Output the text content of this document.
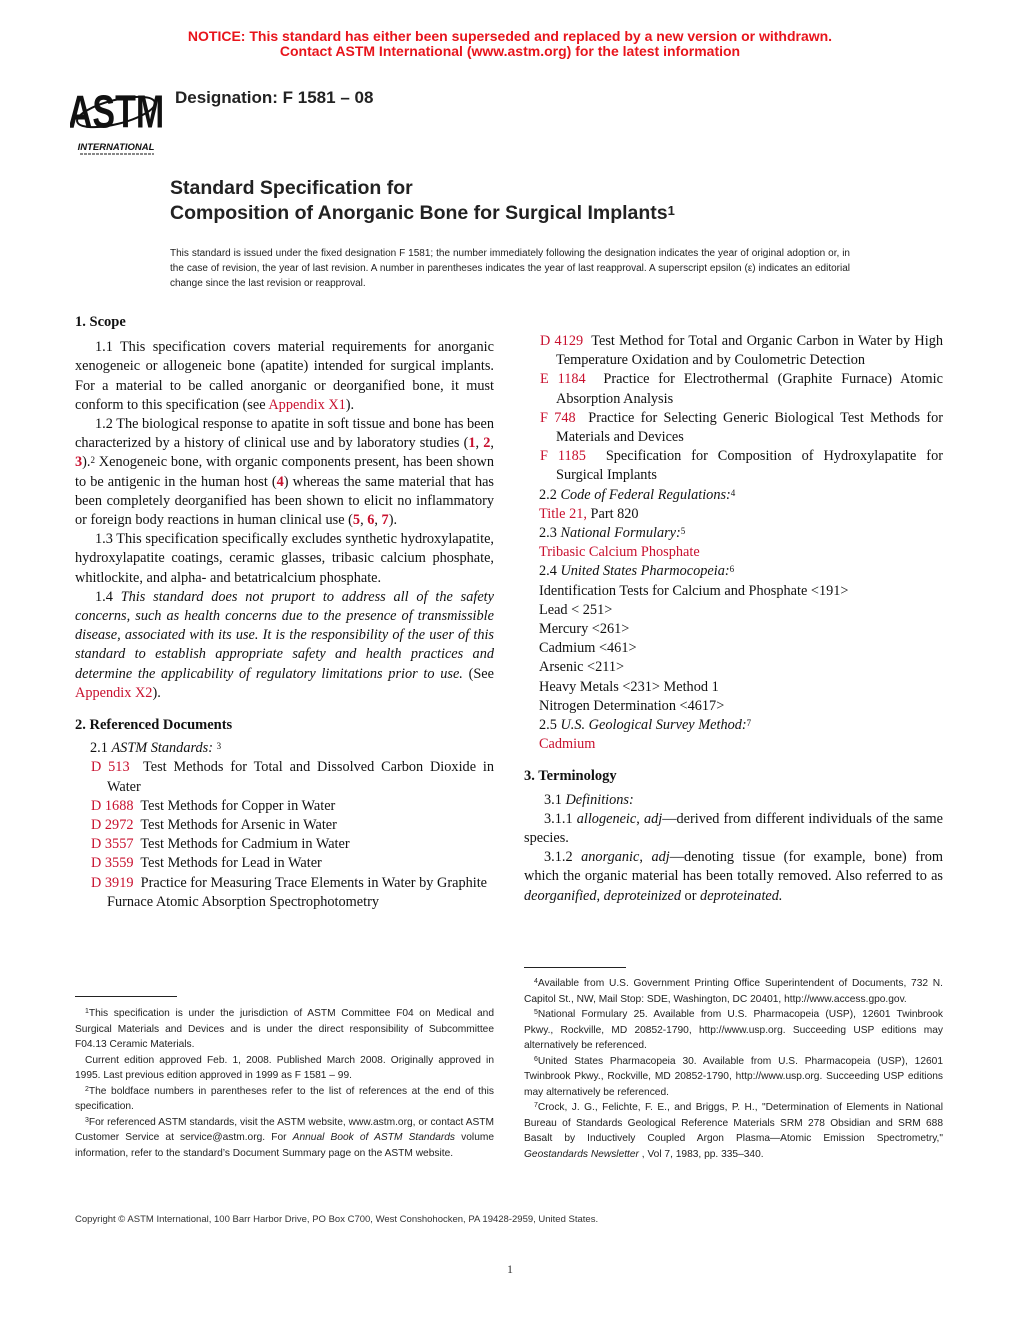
NOTICE: This standard has either been superseded and replaced by a new version or withdrawn.
Contact ASTM International (www.astm.org) for the latest information
ASTM
INTERNATIONAL
Designation: F 1581 – 08
Standard Specification for
Composition of Anorganic Bone for Surgical Implants$^1$
This standard is issued under the fixed designation F 1581; the number immediately following the designation indicates the year of original adoption or, in the case of revision, the year of last revision. A number in parentheses indicates the year of last reapproval. A superscript epsilon (ε) indicates an editorial change since the last revision or reapproval.

1. Scope

1.1 This specification covers material requirements for anorganic xenogeneic or allogeneic bone (apatite) intended for surgical implants. For a material to be called anorganic or deorganified bone, it must conform to this specification (see Appendix X1).

1.2 The biological response to apatite in soft tissue and bone has been characterized by a history of clinical use and by laboratory studies (1, 2, 3).$^2$ Xenogeneic bone, with organic components present, has been shown to be antigenic in the human host (4) whereas the same material that has been completely deorganified has been shown to elicit no inflammatory or foreign body reactions in human clinical use (5, 6, 7).

1.3 This specification specifically excludes synthetic hydroxylapatite, hydroxylapatite coatings, ceramic glasses, tribasic calcium phosphate, whitlockite, and alpha- and betatricalcium phosphate.

1.4 This standard does not pruport to address all of the safety concerns, such as health concerns due to the presence of transmissible disease, associated with its use. It is the responsibility of the user of this standard to establish appropriate safety and health practices and determine the applicability of regulatory limitations prior to use. (See Appendix X2).

2. Referenced Documents

2.1 ASTM Standards: $^3$

D 513 Test Methods for Total and Dissolved Carbon Dioxide in Water

D 1688 Test Methods for Copper in Water

D 2972 Test Methods for Arsenic in Water

D 3557 Test Methods for Cadmium in Water

D 3559 Test Methods for Lead in Water

D 3919 Practice for Measuring Trace Elements in Water by Graphite Furnace Atomic Absorption Spectrophotometry

D 4129 Test Method for Total and Organic Carbon in Water by High Temperature Oxidation and by Coulometric Detection

E 1184 Practice for Electrothermal (Graphite Furnace) Atomic Absorption Analysis

F 748 Practice for Selecting Generic Biological Test Methods for Materials and Devices

F 1185 Specification for Composition of Hydroxylapatite for Surgical Implants

2.2 Code of Federal Regulations:$^4$

Title 21, Part 820

2.3 National Formulary:$^5$

Tribasic Calcium Phosphate

2.4 United States Pharmocopeia:$^6$

Identification Tests for Calcium and Phosphate <191>

Lead < 251>

Mercury <261>

Cadmium <461>

Arsenic <211>

Heavy Metals <231> Method 1

Nitrogen Determination <4617>

2.5 U.S. Geological Survey Method:$^7$

Cadmium

3. Terminology

3.1 Definitions:

3.1.1 allogeneic, adj—derived from different individuals of the same species.

3.1.2 anorganic, adj—denoting tissue (for example, bone) from which the organic material has been totally removed. Also referred to as deorganified, deproteinized or deproteinated.

$^1$This specification is under the jurisdiction of ASTM Committee F04 on Medical and Surgical Materials and Devices and is under the direct responsibility of Subcommittee F04.13 Ceramic Materials.

Current edition approved Feb. 1, 2008. Published March 2008. Originally approved in 1995. Last previous edition approved in 1999 as F 1581 – 99.

$^2$The boldface numbers in parentheses refer to the list of references at the end of this specification.

$^3$For referenced ASTM standards, visit the ASTM website, www.astm.org, or contact ASTM Customer Service at service@astm.org. For Annual Book of ASTM Standards volume information, refer to the standard’s Document Summary page on the ASTM website.

$^4$Available from U.S. Government Printing Office Superintendent of Documents, 732 N. Capitol St., NW, Mail Stop: SDE, Washington, DC 20401, http://www.access.gpo.gov.

$^5$National Formulary 25. Available from U.S. Pharmacopeia (USP), 12601 Twinbrook Pkwy., Rockville, MD 20852-1790, http://www.usp.org. Succeeding USP editions may alternatively be referenced.

$^6$United States Pharmacopeia 30. Available from U.S. Pharmacopeia (USP), 12601 Twinbrook Pkwy., Rockville, MD 20852-1790, http://www.usp.org. Succeeding USP editions may alternatively be referenced.

$^7$Crock, J. G., Felichte, F. E., and Briggs, P. H., "Determination of Elements in National Bureau of Standards Geological Reference Materials SRM 278 Obsidian and SRM 688 Basalt by Inductively Coupled Argon Plasma—Atomic Emission Spectrometry," Geostandards Newsletter , Vol 7, 1983, pp. 335–340.

Copyright © ASTM International, 100 Barr Harbor Drive, PO Box C700, West Conshohocken, PA 19428-2959, United States.
1
